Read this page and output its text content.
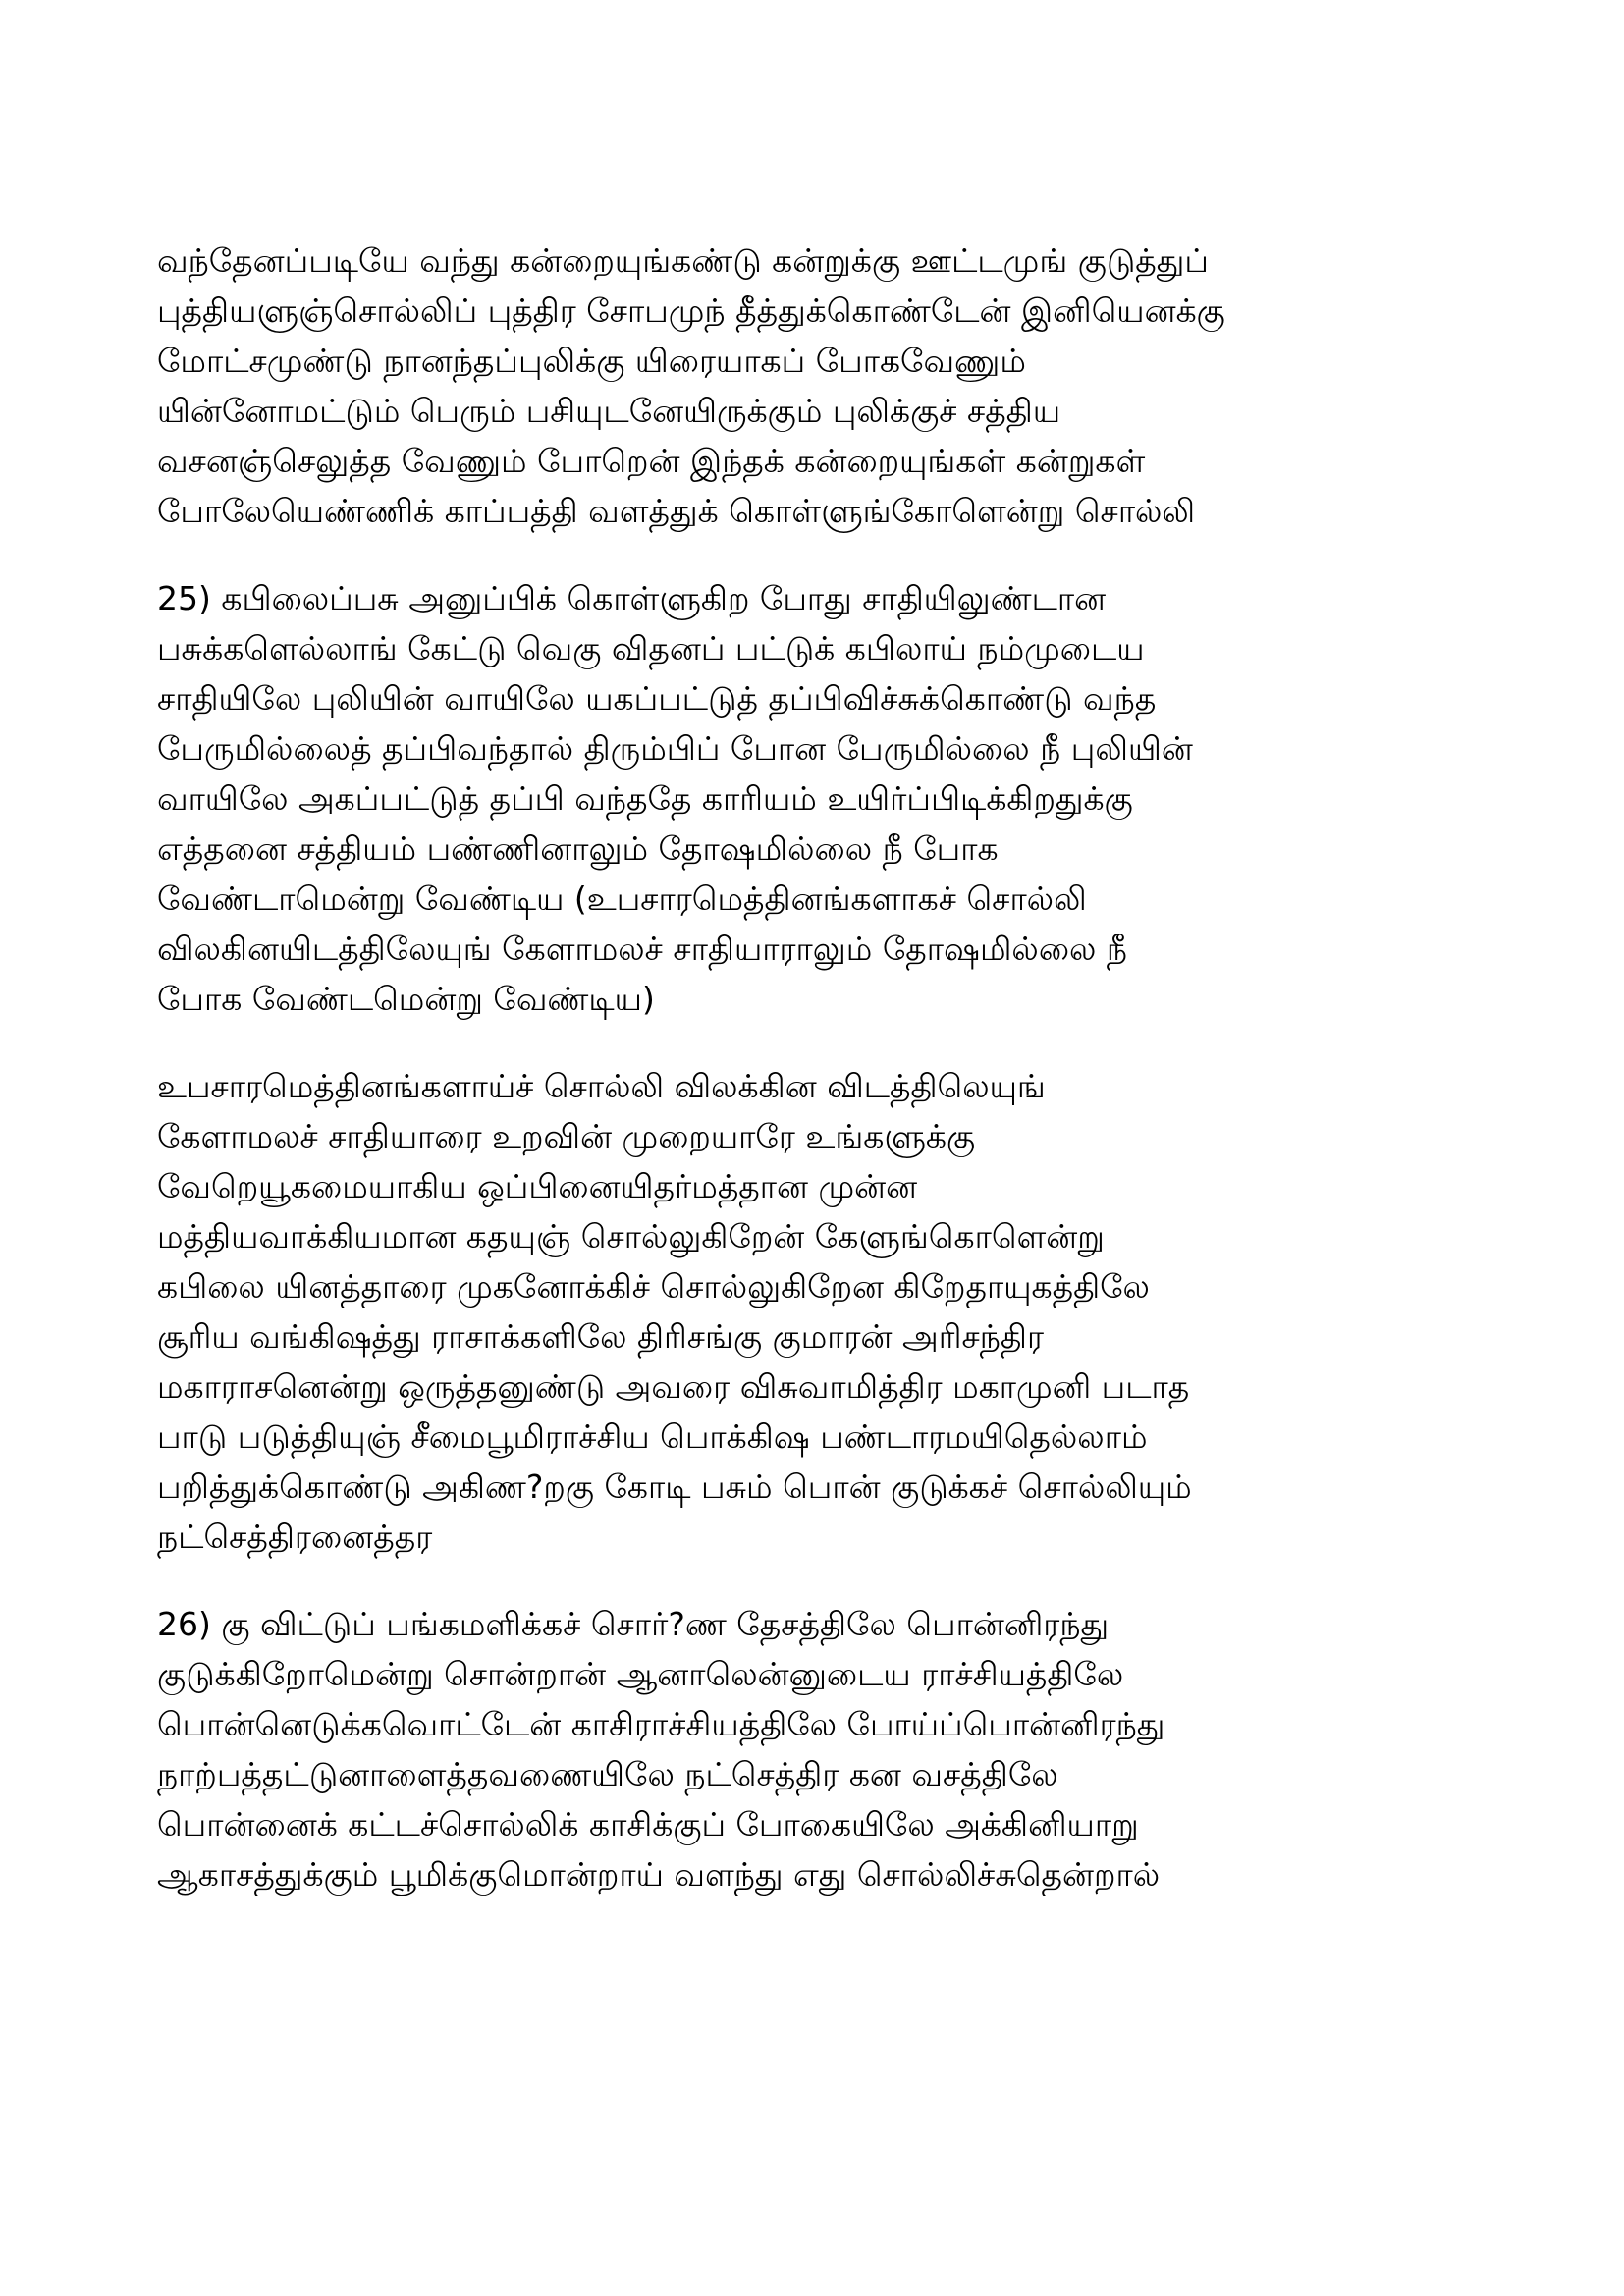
வந்தேனப்படியே வந்து கன்றையுங்கண்டு கன்றுக்கு ஊட்டமுங் குடுத்துப்
புத்தியளுஞ்சொல்லிப் புத்திர சோபமுந் தீத்துக்கொண்டேன் இனியெனக்கு
மோட்சமுண்டு நானந்தப்புலிக்கு யிரையாகப் போகவேணும்
யின்னோமட்டும் பெரும் பசியுடனேயிருக்கும் புலிக்குச் சத்திய
வசனஞ்செலுத்த வேணும் போறென் இந்தக் கன்றையுங்கள் கன்றுகள்
போலேயெண்ணிக் காப்பத்தி வளத்துக் கொள்ளுங்கோளென்று சொல்லி
25) கபிலைப்பசு அனுப்பிக் கொள்ளுகிற போது சாதியிலுண்டான
பசுக்களெல்லாங் கேட்டு வெகு விதனப் பட்டுக் கபிலாய் நம்முடைய
சாதியிலே புலியின் வாயிலே யகப்பட்டுத் தப்பிவிச்சுக்கொண்டு வந்த
பேருமில்லைத் தப்பிவந்தால் திரும்பிப் போன பேருமில்லை நீ புலியின்
வாயிலே அகப்பட்டுத் தப்பி வந்ததே காரியம் உயிர்ப்பிடிக்கிறதுக்கு
எத்தனை சத்தியம் பண்ணினாலும் தோஷமில்லை நீ போக
வேண்டாமென்று வேண்டிய (உபசாரமெத்தினங்களாகச் சொல்லி
விலகினயிடத்திலேயுங் கேளாமலச் சாதியாராலும் தோஷமில்லை நீ
போக வேண்டமென்று வேண்டிய)
உபசாரமெத்தினங்களாய்ச் சொல்லி விலக்கின விடத்திலெயுங்
கேளாமலச் சாதியாரை உறவின் முறையாரே உங்களுக்கு
வேறெயூகமையாகிய ஒப்பினையிதர்மத்தான முன்ன
மத்தியவாக்கியமான கதயுஞ் சொல்லுகிறேன் கேளுங்கொளென்று
கபிலை யினத்தாரை முகனோக்கிச் சொல்லுகிறேன கிறேதாயுகத்திலே
சூரிய வங்கிஷத்து ராசாக்களிலே திரிசங்கு குமாரன் அரிசந்திர
மகாராசனென்று ஒருத்தனுண்டு அவரை விசுவாமித்திர மகாமுனி படாத
பாடு படுத்தியுஞ் சீமைபூமிராச்சிய பொக்கிஷ பண்டாரமயிதெல்லாம்
பறித்துக்கொண்டு அகிண?றகு கோடி பசும் பொன் குடுக்கச் சொல்லியும்
நட்செத்திரனைத்தர
26) கு விட்டுப் பங்கமளிக்கச் சொர்?ண தேசத்திலே பொன்னிரந்து
குடுக்கிறோமென்று சொன்றான் ஆனாலென்னுடைய ராச்சியத்திலே
பொன்னெடுக்கவொட்டேன் காசிராச்சியத்திலே போய்ப்பொன்னிரந்து
நாற்பத்தட்டுனாளைத்தவணையிலே நட்செத்திர கன வசத்திலே
பொன்னைக் கட்டச்சொல்லிக் காசிக்குப் போகையிலே அக்கினியாறு
ஆகாசத்துக்கும் பூமிக்குமொன்றாய் வளந்து எது சொல்லிச்சுதென்றால்
